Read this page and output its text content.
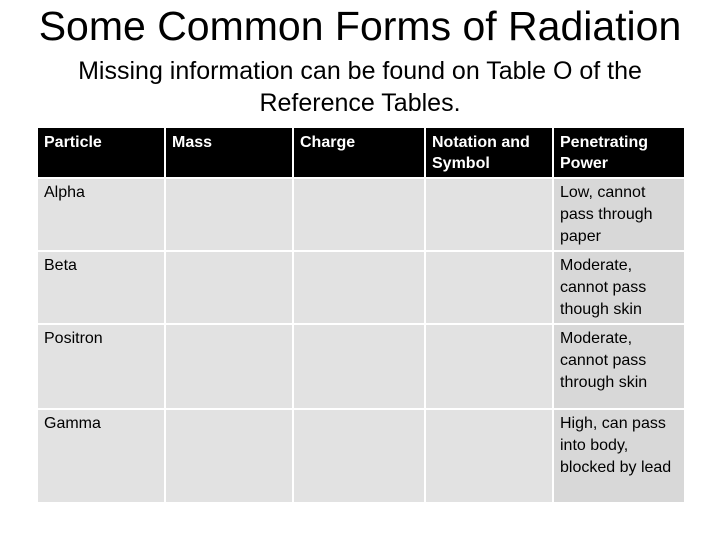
Some Common Forms of Radiation
Missing information can be found on Table O of the Reference Tables.
Particle	Mass	Charge	Notation and Symbol	Penetrating Power
Alpha				Low, cannot pass through paper
Beta				Moderate, cannot pass though skin
Positron				Moderate, cannot pass through skin
Gamma				High, can pass into body, blocked by lead
